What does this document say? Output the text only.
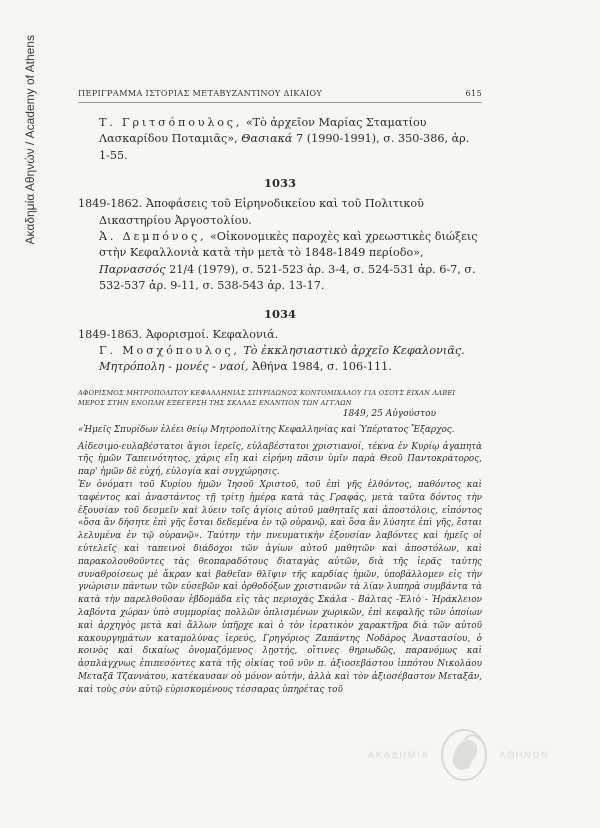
Ακαδημία Αθηνών / Academy of Athens	ΠΕΡΙΓΡΑΜΜΑ ΙΣΤΟΡΙΑΣ ΜΕΤΑΒΥΖΑΝΤΙΝΟΥ ΔΙΚΑΙΟΥ	615
Τ. Γριτσόπουλος, «Τὸ ἀρχεῖον Μαρίας Σταματίου Λασκαρίδου Ποταμιᾶς», Θασιακά 7 (1990-1991), σ. 350-386, ἀρ. 1-55.
1033
1849-1862. Ἀποφάσεις τοῦ Εἰρηνοδικείου καὶ τοῦ Πολιτικοῦ Δικαστηρίου Ἀργοστολίου.
Ἀ. Δεμπόνος, «Οἰκονομικὲς παροχὲς καὶ χρεωστικὲς διώξεις στὴν Κεφαλλονιὰ κατὰ τὴν μετὰ τὸ 1848-1849 περίοδο», Παρνασσός 21/4 (1979), σ. 521-523 ἀρ. 3-4, σ. 524-531 ἀρ. 6-7, σ. 532-537 ἀρ. 9-11, σ. 538-543 ἀρ. 13-17.
1034
1849-1863. Ἀφορισμοί. Κεφαλονιά.
Γ. Μοσχόπουλος, Τὸ ἐκκλησιαστικὸ ἀρχεῖο Κεφαλονιᾶς. Μητρόπολη - μονές - ναοί, Ἀθήνα 1984, σ. 106-111.
ΑΦΟΡΙΣΜΟΣ ΜΗΤΡΟΠΟΛΙΤΟΥ ΚΕΦΑΛΛΗΝΙΑΣ ΣΠΥΡΙΔΩΝΟΣ ΚΟΝΤΟΜΙΧΑΛΟΥ ΓΙΑ ΟΣΟΥΣ ΕΙΧΑΝ ΛΑΒΕΙ ΜΕΡΟΣ ΣΤΗΝ ΕΝΟΠΛΗ ΕΞΕΓΕΡΣΗ ΤΗΣ ΣΚΑΛΑΣ ΕΝΑΝΤΙΟΝ ΤΩΝ ΑΓΓΛΩΝ
1849, 25 Αὐγούστου
«Ἡμεῖς Σπυρίδων ἐλέει θείῳ Μητροπολίτης Κεφαλληνίας καὶ Ὑπέρτατος Ἔξαρχος.
Αἰδεσιμο-ευλαβέστατοι ἅγιοι ἱερεῖς, εὐλαβέστατοι χριστιανοί, τέκνα ἐν Κυρίῳ ἀγαπητὰ τῆς ἡμῶν Ταπεινότητος, χάρις εἴη καὶ εἰρήνη πᾶσιν ὑμῖν παρὰ Θεοῦ Παντοκράτορος, παρ' ἡμῶν δὲ εὐχή, εὐλογία καὶ συγχώρησις.
Ἐν ὀνόματι τοῦ Κυρίου ἡμῶν Ἰησοῦ Χριστοῦ, τοῦ ἐπὶ γῆς ἐλθόντος, παθόντος καὶ ταφέντος καὶ ἀναστάντος τῇ τρίτῃ ἡμέρᾳ κατὰ τὰς Γραφάς, μετὰ ταῦτα δόντος τὴν ἐξουσίαν τοῦ δεσμεῖν καὶ λύειν τοῖς ἁγίοις αὐτοῦ μαθηταῖς καὶ ἀποστόλοις, εἰπόντος «ὅσα ἂν δήσητε ἐπὶ γῆς ἔσται δεδεμένα ἐν τῷ οὐρανῷ, καὶ ὅσα ἂν λύσητε ἐπὶ γῆς, ἔσται λελυμένα ἐν τῷ οὐρανῷ». Ταύτην τὴν πνευματικὴν ἐξουσίαν λαβόντες καὶ ἡμεῖς οἱ εὐτελεῖς καὶ ταπεινοὶ διάδοχοι τῶν ἁγίων αὐτοῦ μαθητῶν καὶ ἀποστόλων, καὶ παρακολουθοῦντες τὰς θεοπαραδότους διαταγὰς αὐτῶν, διὰ τῆς ἱερᾶς ταύτης συναθροίσεως μὲ ἄκραν καὶ βαθεῖαν θλῖψιν τῆς καρδίας ἡμῶν, ὑποβάλλομεν εἰς τὴν γνώρισιν πάντων τῶν εὐσεβῶν καὶ ὀρθοδόξων χριστιανῶν τὰ λίαν λυπηρὰ συμβάντα τὰ κατὰ τὴν παρελθοῦσαν ἑβδομάδα εἰς τὰς περιοχὰς Σκάλα - Βάλτας -Ἐλιὸ - Ἡράκλειον λαβόντα χώραν ὑπὸ συμμορίας πολλῶν ὁπλισμένων χωρικῶν, ἐπὶ κεφαλῆς τῶν ὁποίων καὶ ἀρχηγὸς μετὰ καὶ ἄλλων ὑπῆρχε καὶ ὁ τὸν ἱερατικὸν χαρακτῆρα διὰ τῶν αὐτοῦ κακουργημάτων καταμολύνας ἱερεύς, Γρηγόριος Ζαπάντης Νοδάρος Ἀναστασίου, ὁ κοινὸς καὶ δικαίως ὀνομαζόμενος λῃστής, οἵτινες θηριωδῶς, παρανόμως καὶ ἀσπλάγχνως ἐπιπεσόντες κατὰ τῆς οἰκίας τοῦ νῦν π. ἀξιοσεβάστου ἱππότου Νικολάου Μεταξᾶ Τζαννάτου, κατέκαυσαν οὐ μόνον αὐτήν, ἀλλὰ καὶ τὸν ἀξιοσέβαστον Μεταξᾶν, καὶ τοὺς σὺν αὐτῷ εὑρισκομένους τέσσαρας ὑπηρέτας τοῦ
ΑΚΑΔΗΜΙΑ	ΑΘΗΝΩΝ
